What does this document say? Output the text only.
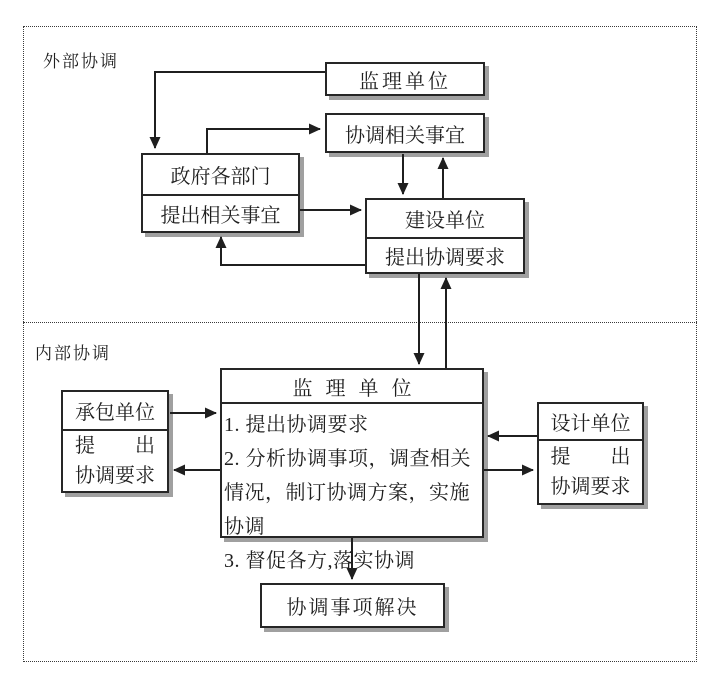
外部协调
内部协调
监理单位
协调相关事宜
政府各部门
提出相关事宜	建设单位
提出协调要求
承包单位
提　　出
协调要求
监理单位
1. 提出协调要求
2. 分析协调事项，调查相关情况，制订协调方案，实施协调
3. 督促各方,落实协调
设计单位
提　　出
协调要求
协调事项解决
